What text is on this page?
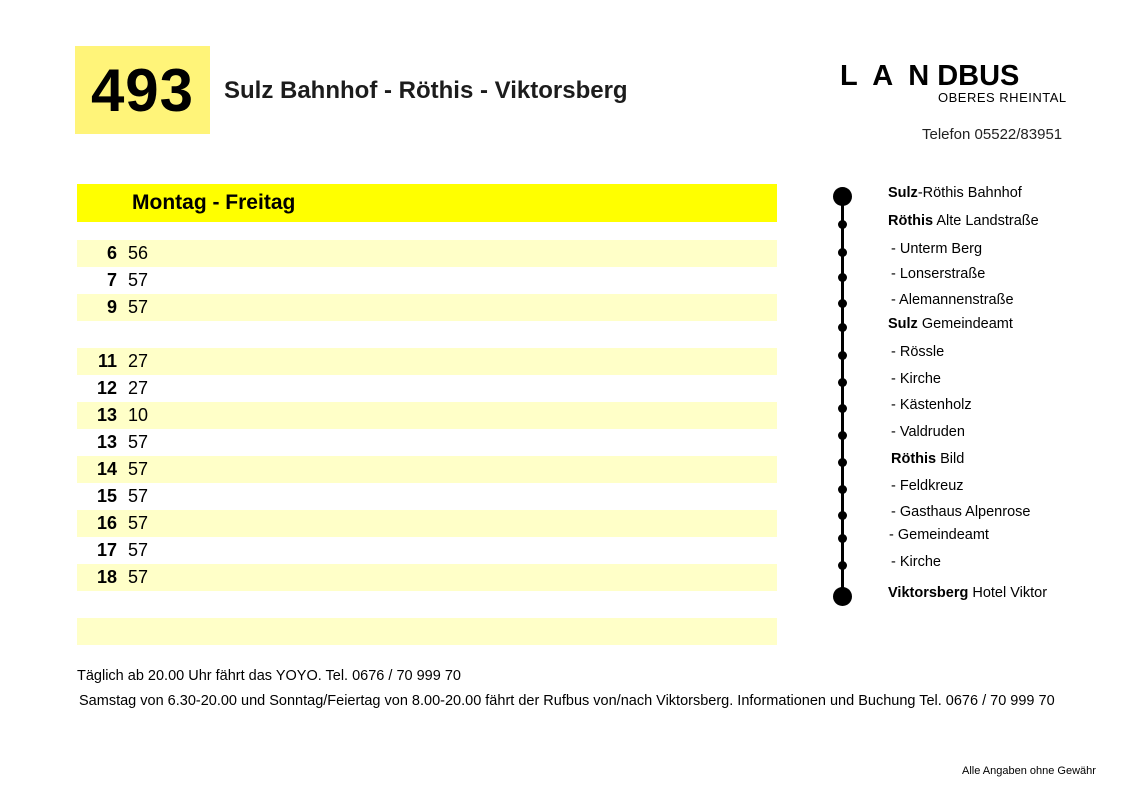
493 Sulz Bahnhof - Röthis - Viktorsberg	L  A  N DBUS
OBERES RHEINTAL
Telefon 05522/83951
Montag - Freitag
6 56
7 57
9 57
11 27
12 27
13 10
13 57
14 57
15 57
16 57
17 57
18 57
Sulz-Röthis Bahnhof
Röthis Alte Landstraße
- Unterm Berg
- Lonserstraße
- Alemannenstraße
Sulz Gemeindeamt
- Rössle
- Kirche
- Kästenholz
- Valdruden
Röthis Bild
- Feldkreuz
- Gasthaus Alpenrose
- Gemeindeamt
- Kirche
Viktorsberg Hotel Viktor
Täglich ab 20.00 Uhr fährt das YOYO. Tel. 0676 / 70 999 70
Samstag von 6.30-20.00 und Sonntag/Feiertag von 8.00-20.00 fährt der Rufbus von/nach Viktorsberg. Informationen und Buchung Tel. 0676 / 70 999 70
Alle Angaben ohne Gewähr
